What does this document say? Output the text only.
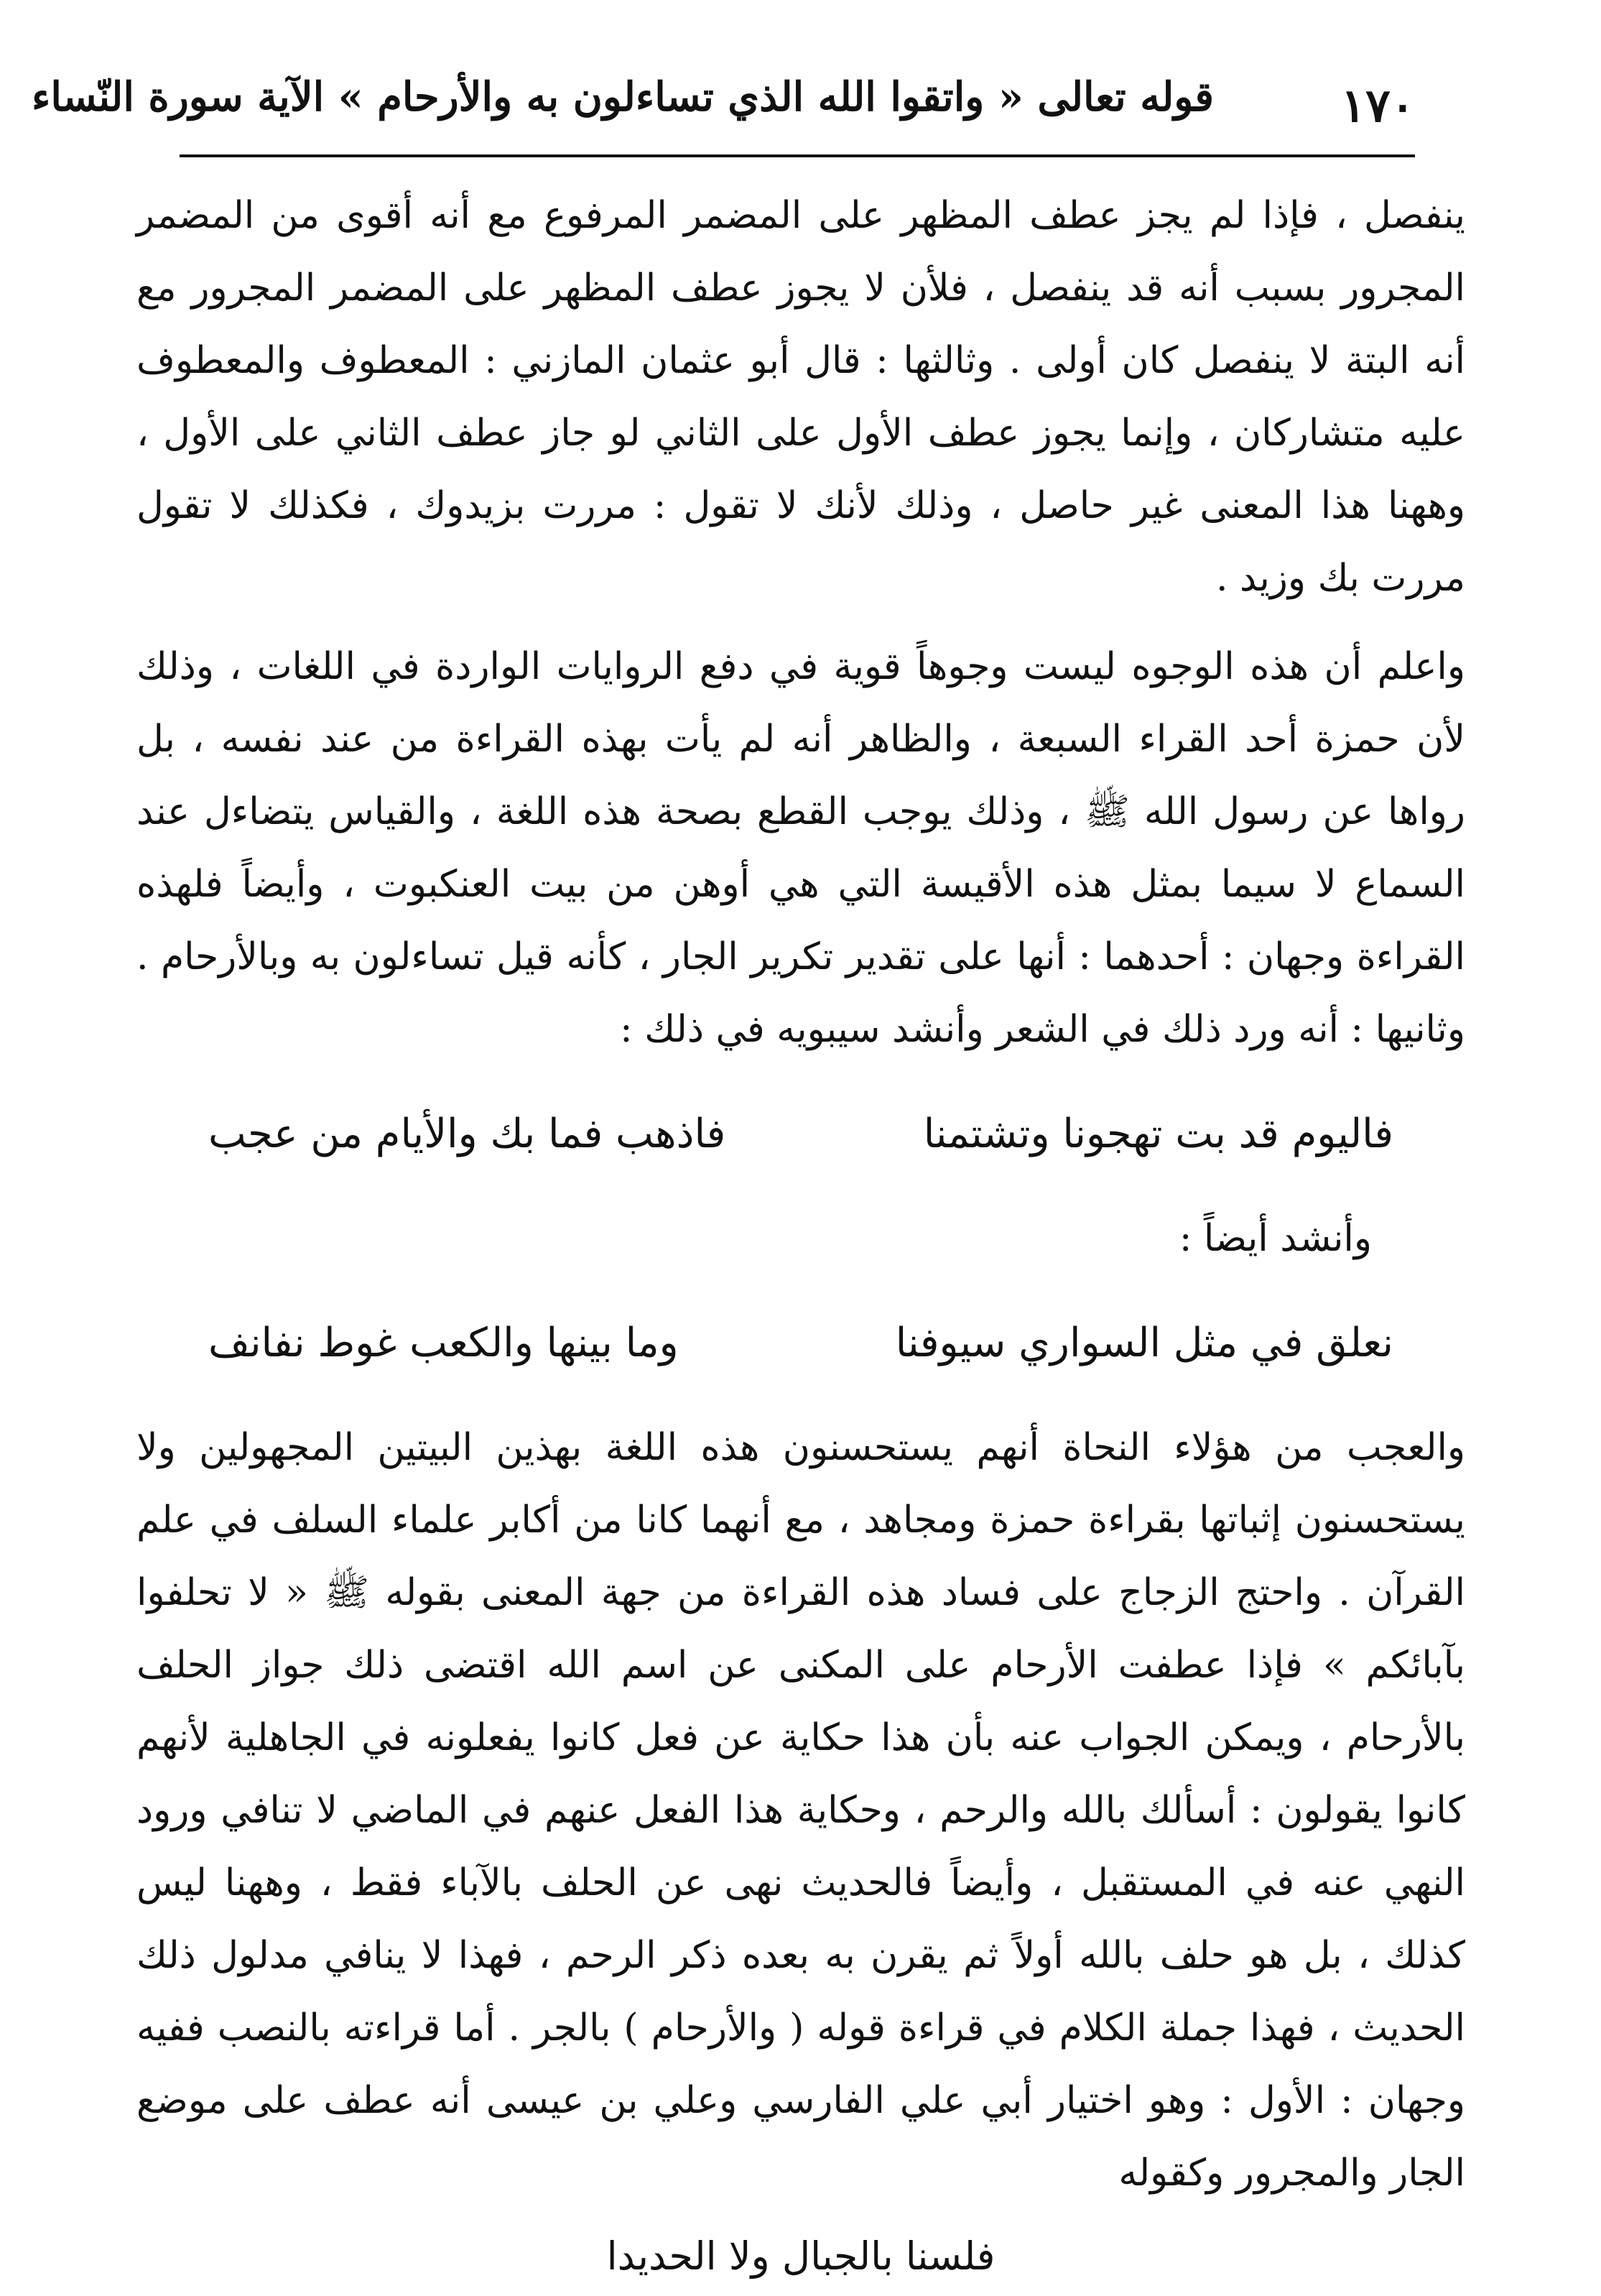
١٧٠
قوله تعالى « واتقوا الله الذي تساءلون به والأرحام » الآية سورة النّساء

ينفصل ، فإذا لم يجز عطف المظهر على المضمر المرفوع مع أنه أقوى من المضمر المجرور بسبب أنه قد ينفصل ، فلأن لا يجوز عطف المظهر على المضمر المجرور مع أنه البتة لا ينفصل كان أولى . وثالثها : قال أبو عثمان المازني : المعطوف والمعطوف عليه متشاركان ، وإنما يجوز عطف الأول على الثاني لو جاز عطف الثاني على الأول ، وههنا هذا المعنى غير حاصل ، وذلك لأنك لا تقول : مررت بزيدوك ، فكذلك لا تقول مررت بك وزيد .

واعلم أن هذه الوجوه ليست وجوهاً قوية في دفع الروايات الواردة في اللغات ، وذلك لأن حمزة أحد القراء السبعة ، والظاهر أنه لم يأت بهذه القراءة من عند نفسه ، بل رواها عن رسول الله ﷺ ، وذلك يوجب القطع بصحة هذه اللغة ، والقياس يتضاءل عند السماع لا سيما بمثل هذه الأقيسة التي هي أوهن من بيت العنكبوت ، وأيضاً فلهذه القراءة وجهان : أحدهما : أنها على تقدير تكرير الجار ، كأنه قيل تساءلون به وبالأرحام . وثانيها : أنه ورد ذلك في الشعر وأنشد سيبويه في ذلك :

فاليوم قد بت تهجونا وتشتمنا
فاذهب فما بك والأيام من عجب

وأنشد أيضاً :

نعلق في مثل السواري سيوفنا
وما بينها والكعب غوط نفانف

والعجب من هؤلاء النحاة أنهم يستحسنون هذه اللغة بهذين البيتين المجهولين ولا يستحسنون إثباتها بقراءة حمزة ومجاهد ، مع أنهما كانا من أكابر علماء السلف في علم القرآن . واحتج الزجاج على فساد هذه القراءة من جهة المعنى بقوله ﷺ « لا تحلفوا بآبائكم » فإذا عطفت الأرحام على المكنى عن اسم الله اقتضى ذلك جواز الحلف بالأرحام ، ويمكن الجواب عنه بأن هذا حكاية عن فعل كانوا يفعلونه في الجاهلية لأنهم كانوا يقولون : أسألك بالله والرحم ، وحكاية هذا الفعل عنهم في الماضي لا تنافي ورود النهي عنه في المستقبل ، وأيضاً فالحديث نهى عن الحلف بالآباء فقط ، وههنا ليس كذلك ، بل هو حلف بالله أولاً ثم يقرن به بعده ذكر الرحم ، فهذا لا ينافي مدلول ذلك الحديث ، فهذا جملة الكلام في قراءة قوله ( والأرحام ) بالجر . أما قراءته بالنصب ففيه وجهان : الأول : وهو اختيار أبي علي الفارسي وعلي بن عيسى أنه عطف على موضع الجار والمجرور وكقوله

فلسنا بالجبال ولا الحديدا
